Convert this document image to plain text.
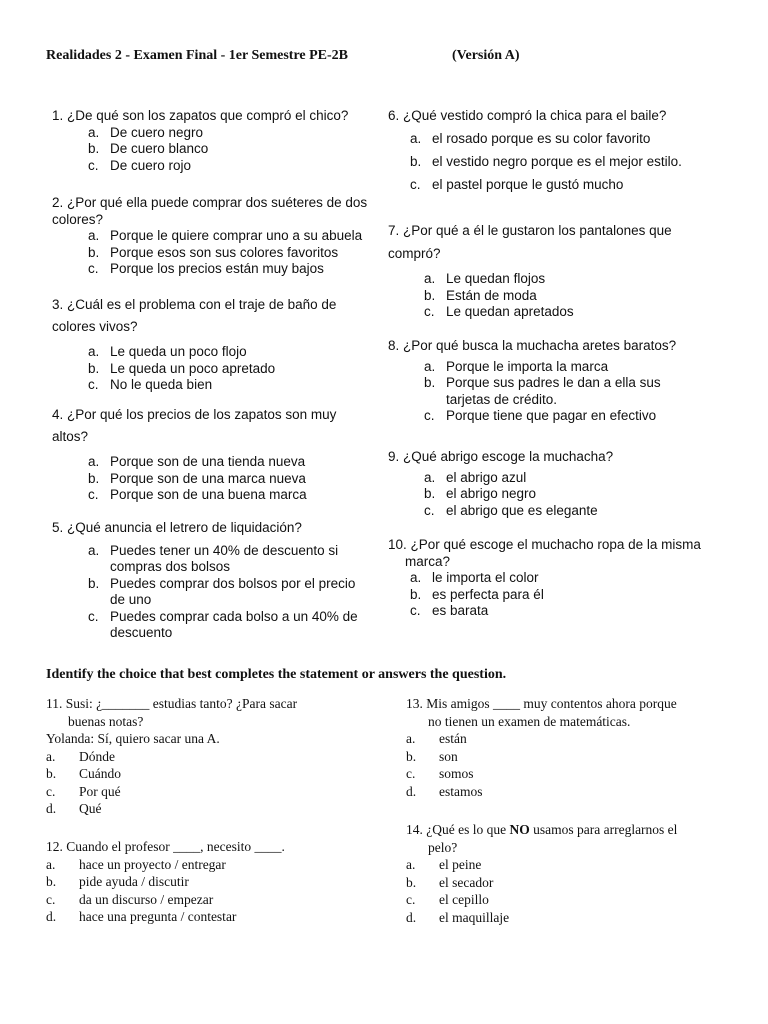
Realidades 2 - Examen Final - 1er Semestre PE-2B	(Versión A)
1. ¿De qué son los zapatos que compró el chico?
a. De cuero negro
b. De cuero blanco
c. De cuero rojo
2. ¿Por qué ella puede comprar dos suéteres de dos colores?
a. Porque le quiere comprar uno a su abuela
b. Porque esos son sus colores favoritos
c. Porque los precios están muy bajos
3. ¿Cuál es el problema con el traje de baño de colores vivos?
a. Le queda un poco flojo
b. Le queda un poco apretado
c. No le queda bien
4. ¿Por qué los precios de los zapatos son muy altos?
a. Porque son de una tienda nueva
b. Porque son de una marca nueva
c. Porque son de una buena marca
5. ¿Qué anuncia el letrero de liquidación?
a. Puedes tener un 40% de descuento si compras dos bolsos
b. Puedes comprar dos bolsos por el precio de uno
c. Puedes comprar cada bolso a un 40% de descuento
6. ¿Qué vestido compró la chica para el baile?
a. el rosado porque es su color favorito
b. el vestido negro porque es el mejor estilo.
c. el pastel porque le gustó mucho
7. ¿Por qué a él le gustaron los pantalones que compró?
a. Le quedan flojos
b. Están de moda
c. Le quedan apretados
8. ¿Por qué busca la muchacha aretes baratos?
a. Porque le importa la marca
b. Porque sus padres le dan a ella sus tarjetas de crédito.
c. Porque tiene que pagar en efectivo
9. ¿Qué abrigo escoge la muchacha?
a. el abrigo azul
b. el abrigo negro
c. el abrigo que es elegante
10. ¿Por qué escoge el muchacho ropa de la misma marca?
a. le importa el color
b. es perfecta para él
c. es barata
Identify the choice that best completes the statement or answers the question.
11. Susi: ¿_______ estudias tanto? ¿Para sacar
buenas notas?
Yolanda: Sí, quiero sacar una A.
a. Dónde
b. Cuándo
c. Por qué
d. Qué
12. Cuando el profesor ____, necesito ____.
a. hace un proyecto / entregar
b. pide ayuda / discutir
c. da un discurso / empezar
d. hace una pregunta / contestar
13. Mis amigos ____ muy contentos ahora porque
no tienen un examen de matemáticas.
a. están
b. son
c. somos
d. estamos
14. ¿Qué es lo que NO usamos para arreglarnos el
pelo?
a. el peine
b. el secador
c. el cepillo
d. el maquillaje
